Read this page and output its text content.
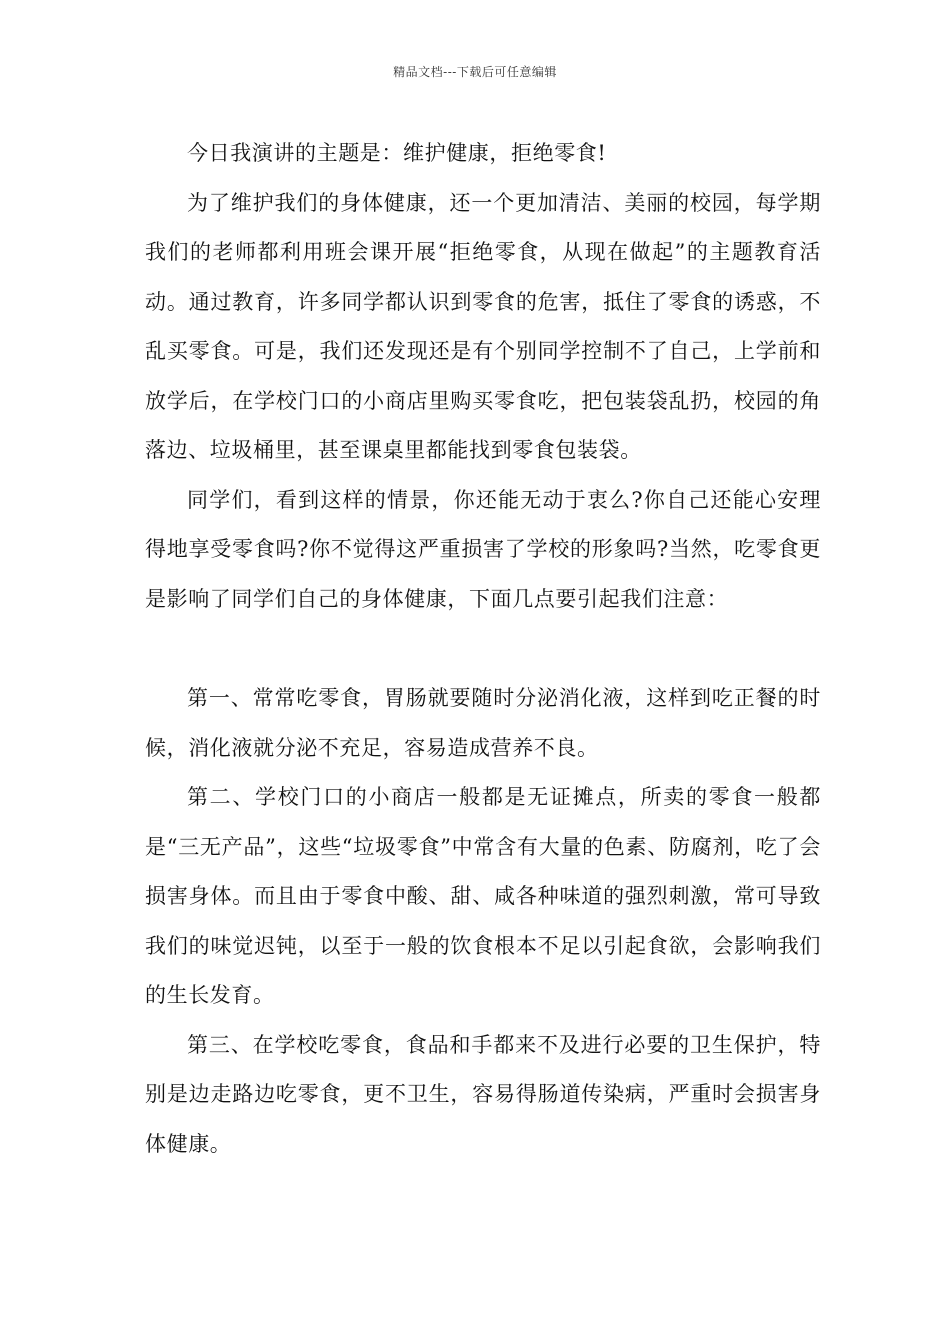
精品文档---下载后可任意编辑

今日我演讲的主题是：维护健康，拒绝零食!

为了维护我们的身体健康，还一个更加清洁、美丽的校园，每学期我们的老师都利用班会课开展“拒绝零食，从现在做起”的主题教育活动。通过教育，许多同学都认识到零食的危害，抵住了零食的诱惑，不乱买零食。可是，我们还发现还是有个别同学控制不了自己，上学前和放学后，在学校门口的小商店里购买零食吃，把包装袋乱扔，校园的角落边、垃圾桶里，甚至课桌里都能找到零食包装袋。

同学们，看到这样的情景，你还能无动于衷么?你自己还能心安理得地享受零食吗?你不觉得这严重损害了学校的形象吗?当然，吃零食更是影响了同学们自己的身体健康，下面几点要引起我们注意：

第一、常常吃零食，胃肠就要随时分泌消化液，这样到吃正餐的时候，消化液就分泌不充足，容易造成营养不良。

第二、学校门口的小商店一般都是无证摊点，所卖的零食一般都是“三无产品”，这些“垃圾零食”中常含有大量的色素、防腐剂，吃了会损害身体。而且由于零食中酸、甜、咸各种味道的强烈刺激，常可导致我们的味觉迟钝，以至于一般的饮食根本不足以引起食欲，会影响我们的生长发育。

第三、在学校吃零食，食品和手都来不及进行必要的卫生保护，特别是边走路边吃零食，更不卫生，容易得肠道传染病，严重时会损害身体健康。
